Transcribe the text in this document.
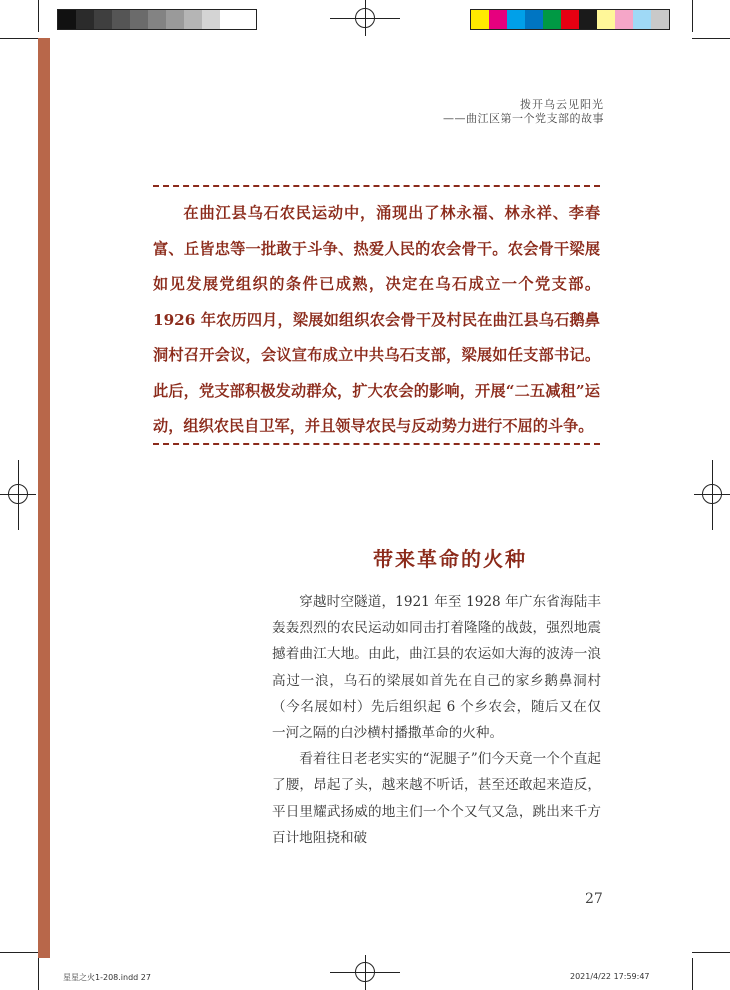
拨开乌云见阳光
——曲江区第一个党支部的故事

在曲江县乌石农民运动中，涌现出了林永福、林永祥、李春富、丘皆忠等一批敢于斗争、热爱人民的农会骨干。农会骨干梁展如见发展党组织的条件已成熟，决定在乌石成立一个党支部。1926 年农历四月，梁展如组织农会骨干及村民在曲江县乌石鹅鼻洞村召开会议，会议宣布成立中共乌石支部，梁展如任支部书记。此后，党支部积极发动群众，扩大农会的影响，开展“二五减租”运动，组织农民自卫军，并且领导农民与反动势力进行不屈的斗争。

带来革命的火种

穿越时空隧道，1921 年至 1928 年广东省海陆丰轰轰烈烈的农民运动如同击打着隆隆的战鼓，强烈地震撼着曲江大地。由此，曲江县的农运如大海的波涛一浪高过一浪，乌石的梁展如首先在自己的家乡鹅鼻洞村（今名展如村）先后组织起 6 个乡农会，随后又在仅一河之隔的白沙横村播撒革命的火种。

看着往日老老实实的“泥腿子”们今天竟一个个直起了腰，昂起了头，越来越不听话，甚至还敢起来造反，平日里耀武扬威的地主们一个个又气又急，跳出来千方百计地阻挠和破

27
星星之火1-208.indd 27	2021/4/22 17:59:47
